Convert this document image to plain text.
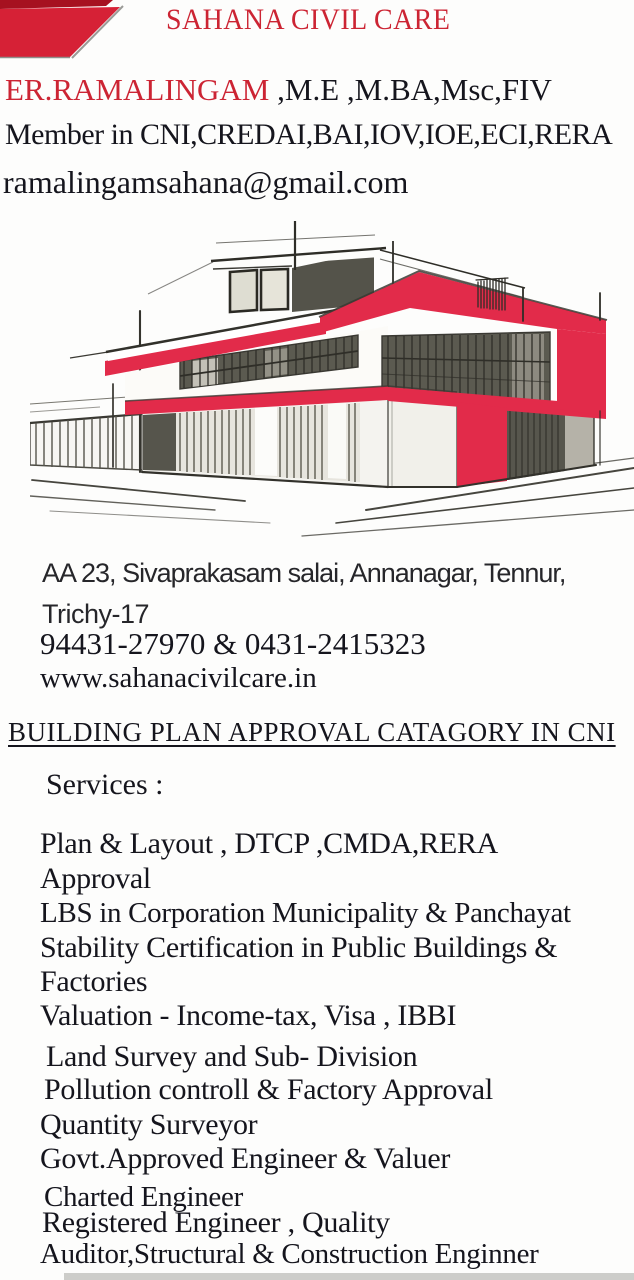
SAHANA CIVIL CARE
ER.RAMALINGAM ,M.E ,M.BA,Msc,FIV
Member in CNI,CREDAI,BAI,IOV,IOE,ECI,RERA
ramalingamsahana@gmail.com
AA 23, Sivaprakasam salai, Annanagar, Tennur,
Trichy-17
94431-27970 & 0431-2415323
www.sahanacivilcare.in
BUILDING PLAN APPROVAL CATAGORY IN CNI
Services :
Plan & Layout , DTCP ,CMDA,RERA
Approval
LBS in Corporation Municipality & Panchayat
Stability Certification in Public Buildings &
Factories
Valuation - Income-tax, Visa , IBBI
Land Survey and Sub- Division
Pollution controll & Factory Approval
Quantity Surveyor
Govt.Approved Engineer & Valuer
Charted Engineer
Registered Engineer , Quality
Auditor,Structural & Construction Enginner
